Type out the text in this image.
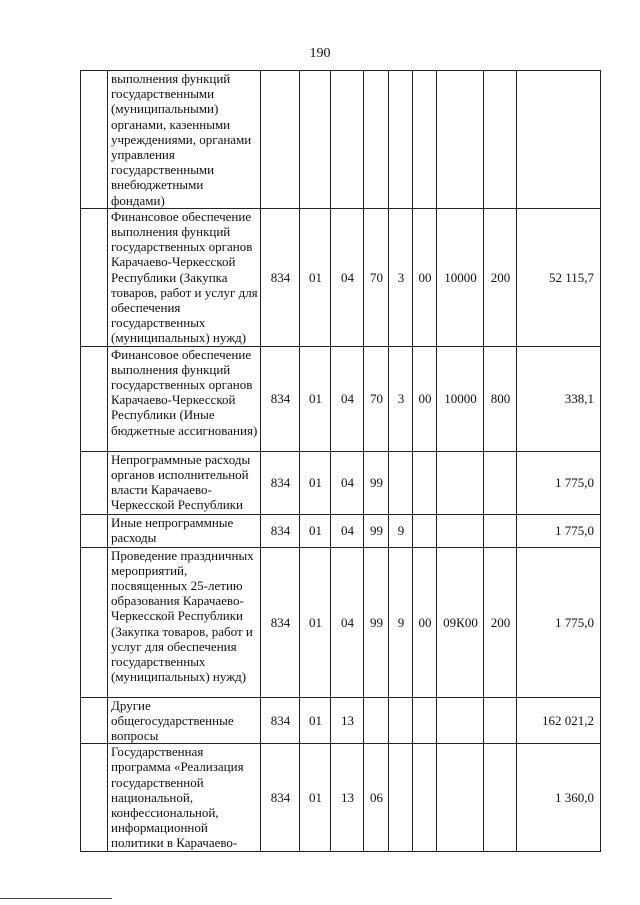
190
	выполнения функций государственными (муниципальными) органами, казенными учреждениями, органами управления государственными внебюджетными фондами)									
	Финансовое обеспечение выполнения функций государственных органов Карачаево-Черкесской Республики (Закупка товаров, работ и услуг для обеспечения государственных (муниципальных) нужд)	834	01	04	70	3	00	10000	200	52 115,7
	Финансовое обеспечение выполнения функций государственных органов Карачаево-Черкесской Республики (Иные бюджетные ассигнования)	834	01	04	70	3	00	10000	800	338,1
	Непрограммные расходы органов исполнительной власти Карачаево-Черкесской Республики	834	01	04	99					1 775,0
	Иные непрограммные расходы	834	01	04	99	9				1 775,0
	Проведение праздничных мероприятий, посвященных 25-летию образования Карачаево-Черкесской Республики (Закупка товаров, работ и услуг для обеспечения государственных (муниципальных) нужд)	834	01	04	99	9	00	09К00	200	1 775,0
	Другие общегосударственные вопросы	834	01	13						162 021,2
	Государственная программа «Реализация государственной национальной, конфессиональной, информационной политики в Карачаево-	834	01	13	06					1 360,0
